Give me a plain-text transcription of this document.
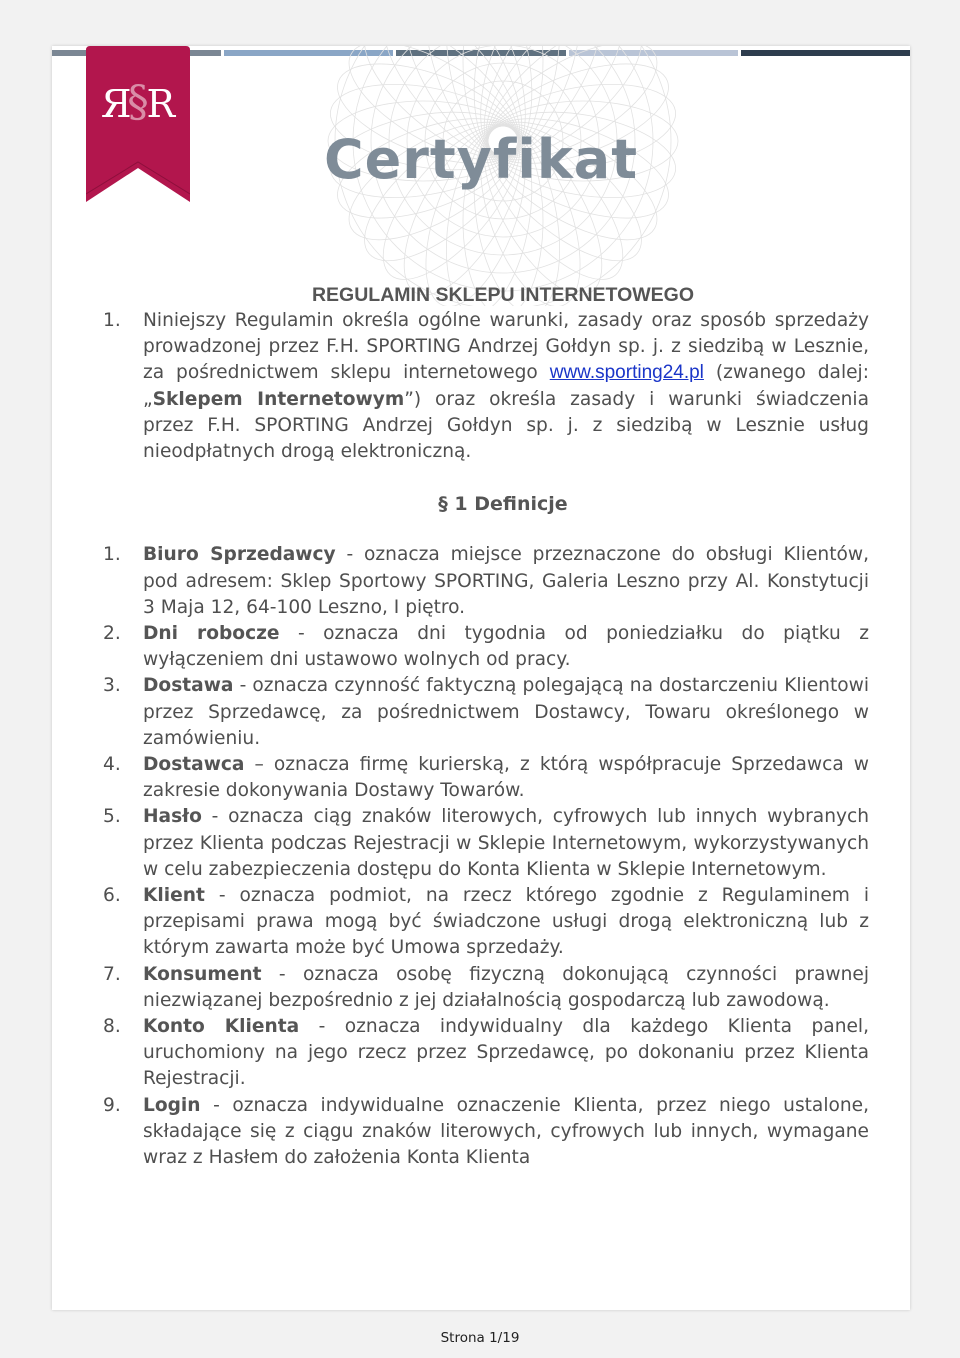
§
Я R
Certyfikat

REGULAMIN SKLEPU INTERNETOWEGO

1.	Niniejszy Regulamin określa ogólne warunki, zasady oraz sposób sprzedaży prowadzonej przez F.H. SPORTING Andrzej Gołdyn sp. j. z siedzibą w Lesznie, za pośrednictwem sklepu internetowego www.sporting24.pl (zwanego dalej: „Sklepem Internetowym”) oraz określa zasady i warunki świadczenia przez F.H. SPORTING Andrzej Gołdyn sp. j. z siedzibą w Lesznie usług nieodpłatnych drogą elektroniczną.
§ 1 Definicje
1.	Biuro Sprzedawcy - oznacza miejsce przeznaczone do obsługi Klientów, pod adresem: Sklep Sportowy SPORTING, Galeria Leszno przy Al. Konstytucji 3 Maja 12, 64-100 Leszno, I piętro.
2.	Dni robocze - oznacza dni tygodnia od poniedziałku do piątku z wyłączeniem dni ustawowo wolnych od pracy.
3.	Dostawa - oznacza czynność faktyczną polegającą na dostarczeniu Klientowi przez Sprzedawcę, za pośrednictwem Dostawcy, Towaru określonego w zamówieniu.
4.	Dostawca – oznacza firmę kurierską, z którą współpracuje Sprzedawca w zakresie dokonywania Dostawy Towarów.
5.	Hasło - oznacza ciąg znaków literowych, cyfrowych lub innych wybranych przez Klienta podczas Rejestracji w Sklepie Internetowym, wykorzystywanych w celu zabezpieczenia dostępu do Konta Klienta w Sklepie Internetowym.
6.	Klient - oznacza podmiot, na rzecz którego zgodnie z Regulaminem i przepisami prawa mogą być świadczone usługi drogą elektroniczną lub z którym zawarta może być Umowa sprzedaży.
7.	Konsument - oznacza osobę fizyczną dokonującą czynności prawnej niezwiązanej bezpośrednio z jej działalnością gospodarczą lub zawodową.
8.	Konto Klienta - oznacza indywidualny dla każdego Klienta panel, uruchomiony na jego rzecz przez Sprzedawcę, po dokonaniu przez Klienta Rejestracji.
9.	Login - oznacza indywidualne oznaczenie Klienta, przez niego ustalone, składające się z ciągu znaków literowych, cyfrowych lub innych, wymagane wraz z Hasłem do założenia Konta Klienta
Strona 1/19
